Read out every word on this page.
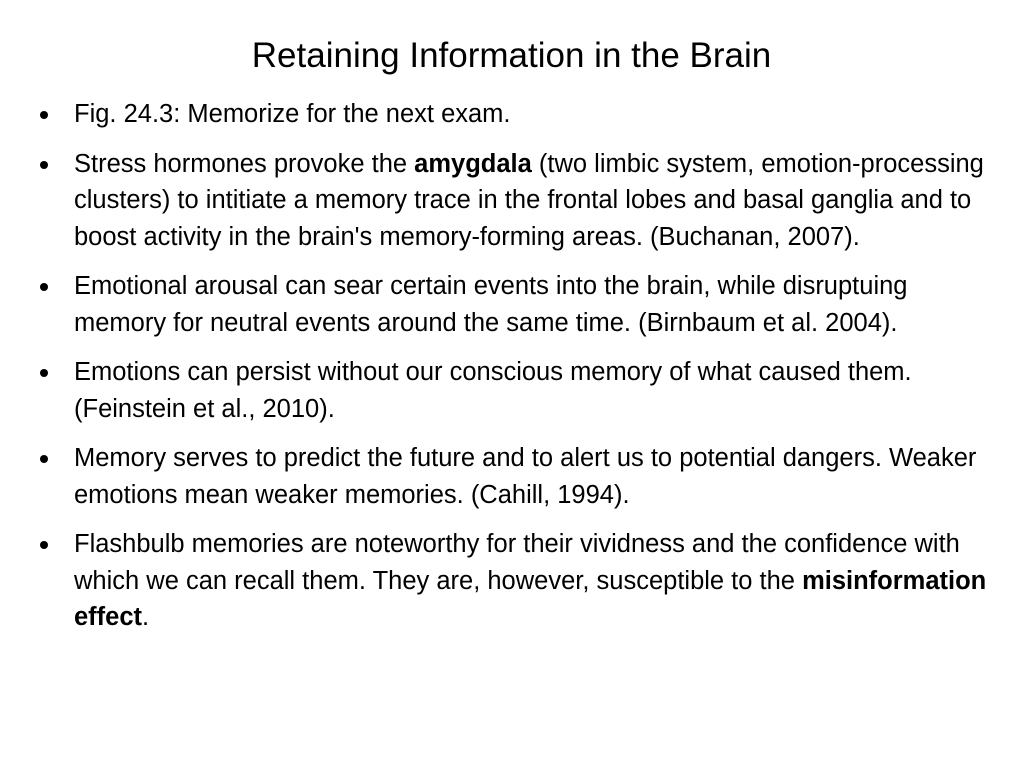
Retaining Information in the Brain
Fig. 24.3: Memorize for the next exam.
Stress hormones provoke the amygdala (two limbic system, emotion-processing clusters) to intitiate a memory trace in the frontal lobes and basal ganglia and to boost activity in the brain's memory-forming areas. (Buchanan, 2007).
Emotional arousal can sear certain events into the brain, while disruptuing memory for neutral events around the same time. (Birnbaum et al. 2004).
Emotions can persist without our conscious memory of what caused them. (Feinstein et al., 2010).
Memory serves to predict the future and to alert us to potential dangers. Weaker emotions mean weaker memories. (Cahill, 1994).
Flashbulb memories are noteworthy for their vividness and the confidence with which we can recall them. They are, however, susceptible to the misinformation effect.
